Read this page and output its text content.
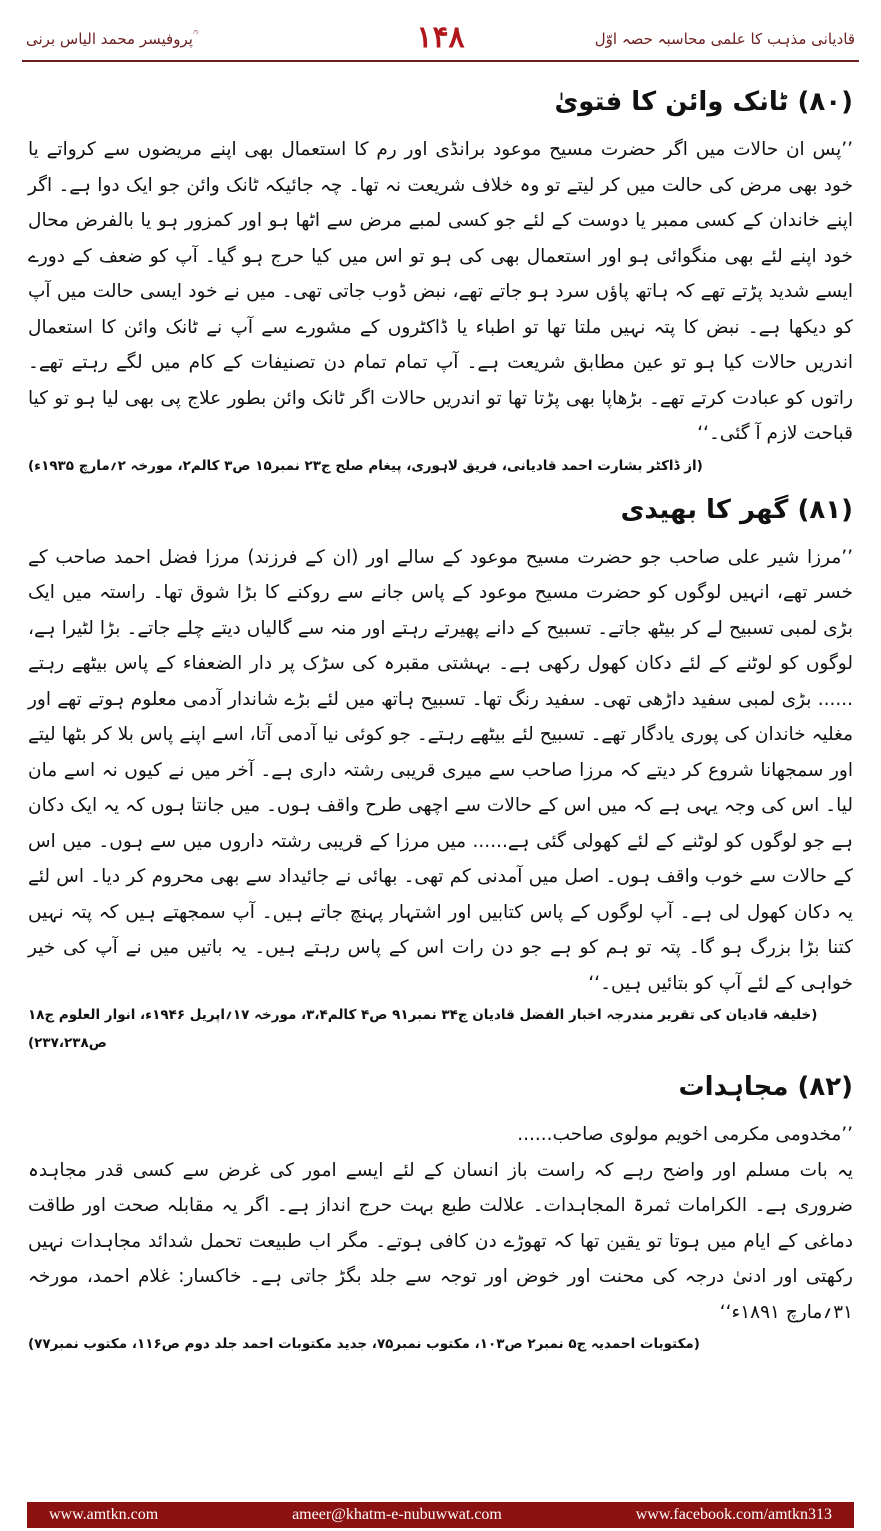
پروفیسر محمد الیاس برنی ؒ	۱۴۸	قادیانی مذہب کا علمی محاسبہ حصہ اوّل
(۸۰) ٹانک وائن کا فتویٰ

’’پس ان حالات میں اگر حضرت مسیح موعود برانڈی اور رم کا استعمال بھی اپنے مریضوں سے کرواتے یا خود بھی مرض کی حالت میں کر لیتے تو وہ خلاف شریعت نہ تھا۔ چہ جائیکہ ٹانک وائن جو ایک دوا ہے۔ اگر اپنے خاندان کے کسی ممبر یا دوست کے لئے جو کسی لمبے مرض سے اٹھا ہو اور کمزور ہو یا بالفرض محال خود اپنے لئے بھی منگوائی ہو اور استعمال بھی کی ہو تو اس میں کیا حرج ہو گیا۔ آپ کو ضعف کے دورے ایسے شدید پڑتے تھے کہ ہاتھ پاؤں سرد ہو جاتے تھے، نبض ڈوب جاتی تھی۔ میں نے خود ایسی حالت میں آپ کو دیکھا ہے۔ نبض کا پتہ نہیں ملتا تھا تو اطباء یا ڈاکٹروں کے مشورے سے آپ نے ٹانک وائن کا استعمال اندریں حالات کیا ہو تو عین مطابق شریعت ہے۔ آپ تمام تمام دن تصنیفات کے کام میں لگے رہتے تھے۔ راتوں کو عبادت کرتے تھے۔ بڑھاپا بھی پڑتا تھا تو اندریں حالات اگر ٹانک وائن بطور علاج پی بھی لیا ہو تو کیا قباحت لازم آ گئی۔‘‘

(از ڈاکٹر بشارت احمد قادیانی، فریق لاہوری، پیغام صلح ج۲۳ نمبر۱۵ ص۳ کالم۲، مورخہ ۲؍مارچ ۱۹۳۵ء)

(۸۱) گھر کا بھیدی

’’مرزا شیر علی صاحب جو حضرت مسیح موعود کے سالے اور (ان کے فرزند) مرزا فضل احمد صاحب کے خسر تھے، انہیں لوگوں کو حضرت مسیح موعود کے پاس جانے سے روکنے کا بڑا شوق تھا۔ راستہ میں ایک بڑی لمبی تسبیح لے کر بیٹھ جاتے۔ تسبیح کے دانے پھیرتے رہتے اور منہ سے گالیاں دیتے چلے جاتے۔ بڑا لٹیرا ہے، لوگوں کو لوٹنے کے لئے دکان کھول رکھی ہے۔ بہشتی مقبرہ کی سڑک پر دار الضعفاء کے پاس بیٹھے رہتے ...... بڑی لمبی سفید داڑھی تھی۔ سفید رنگ تھا۔ تسبیح ہاتھ میں لئے بڑے شاندار آدمی معلوم ہوتے تھے اور مغلیہ خاندان کی پوری یادگار تھے۔ تسبیح لئے بیٹھے رہتے۔ جو کوئی نیا آدمی آتا، اسے اپنے پاس بلا کر بٹھا لیتے اور سمجھانا شروع کر دیتے کہ مرزا صاحب سے میری قریبی رشتہ داری ہے۔ آخر میں نے کیوں نہ اسے مان لیا۔ اس کی وجہ یہی ہے کہ میں اس کے حالات سے اچھی طرح واقف ہوں۔ میں جانتا ہوں کہ یہ ایک دکان ہے جو لوگوں کو لوٹنے کے لئے کھولی گئی ہے...... میں مرزا کے قریبی رشتہ داروں میں سے ہوں۔ میں اس کے حالات سے خوب واقف ہوں۔ اصل میں آمدنی کم تھی۔ بھائی نے جائیداد سے بھی محروم کر دیا۔ اس لئے یہ دکان کھول لی ہے۔ آپ لوگوں کے پاس کتابیں اور اشتہار پہنچ جاتے ہیں۔ آپ سمجھتے ہیں کہ پتہ نہیں کتنا بڑا بزرگ ہو گا۔ پتہ تو ہم کو ہے جو دن رات اس کے پاس رہتے ہیں۔ یہ باتیں میں نے آپ کی خیر خواہی کے لئے آپ کو بتائیں ہیں۔‘‘

(خلیفہ قادیان کی تقریر مندرجہ اخبار الفضل قادیان ج۳۴ نمبر۹۱ ص۴ کالم۳،۴، مورخہ ۱۷؍اپریل ۱۹۴۶ء، انوار العلوم ج۱۸ ص۲۳۷،۲۳۸)

(۸۲) مجاہدات

’’مخدومی مکرمی اخویم مولوی صاحب......

یہ بات مسلم اور واضح رہے کہ راست باز انسان کے لئے ایسے امور کی غرض سے کسی قدر مجاہدہ ضروری ہے۔ الکرامات ثمرۃ المجاہدات۔ علالت طبع بہت حرج انداز ہے۔ اگر یہ مقابلہ صحت اور طاقت دماغی کے ایام میں ہوتا تو یقین تھا کہ تھوڑے دن کافی ہوتے۔ مگر اب طبیعت تحمل شدائد مجاہدات نہیں رکھتی اور ادنیٰ درجہ کی محنت اور خوض اور توجہ سے جلد بگڑ جاتی ہے۔ خاکسار: غلام احمد، مورخہ ۳۱؍مارچ ۱۸۹۱ء‘‘

(مکتوبات احمدیہ ج۵ نمبر۲ ص۱۰۳، مکتوب نمبر۷۵، جدید مکتوبات احمد جلد دوم ص۱۱۶، مکتوب نمبر۷۷)

www.amtkn.com	ameer@khatm-e-nubuwwat.com	www.facebook.com/amtkn313
